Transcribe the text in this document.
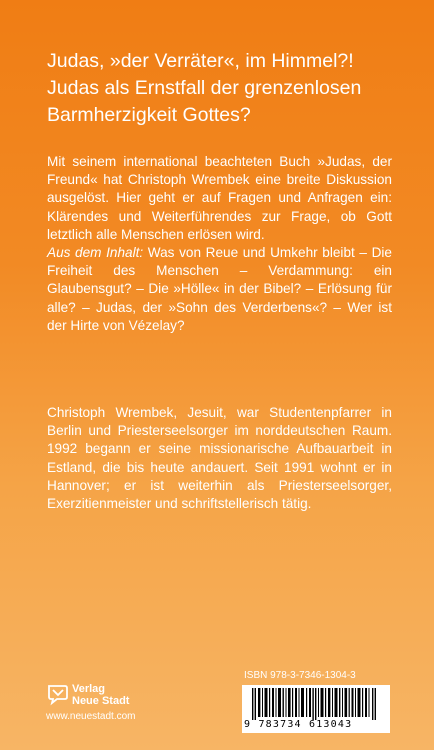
Judas, »der Verräter«, im Himmel?!
Judas als Ernstfall der grenzenlosen
Barmherzigkeit Gottes?

Mit seinem international beachteten Buch »Judas, der Freund« hat Christoph Wrembek eine breite Diskussion ausgelöst. Hier geht er auf Fragen und Anfragen ein: Klärendes und Weiterführendes zur Frage, ob Gott letztlich alle Menschen erlösen wird.

Aus dem Inhalt: Was von Reue und Umkehr bleibt – Die Freiheit des Menschen – Verdammung: ein Glaubensgut? – Die »Hölle« in der Bibel? – Erlösung für alle? – Judas, der »Sohn des Verderbens«? – Wer ist der Hirte von Vézelay?

Christoph Wrembek, Jesuit, war Studentenpfarrer in Berlin und Priesterseelsorger im norddeutschen Raum. 1992 begann er seine missionarische Aufbauarbeit in Estland, die bis heute andauert. Seit 1991 wohnt er in Hannover; er ist weiterhin als Priesterseelsorger, Exerzitienmeister und schriftstellerisch tätig.

Verlag
Neue Stadt
www.neuestadt.com
ISBN 978-3-7346-1304-3
9 783734 613043
